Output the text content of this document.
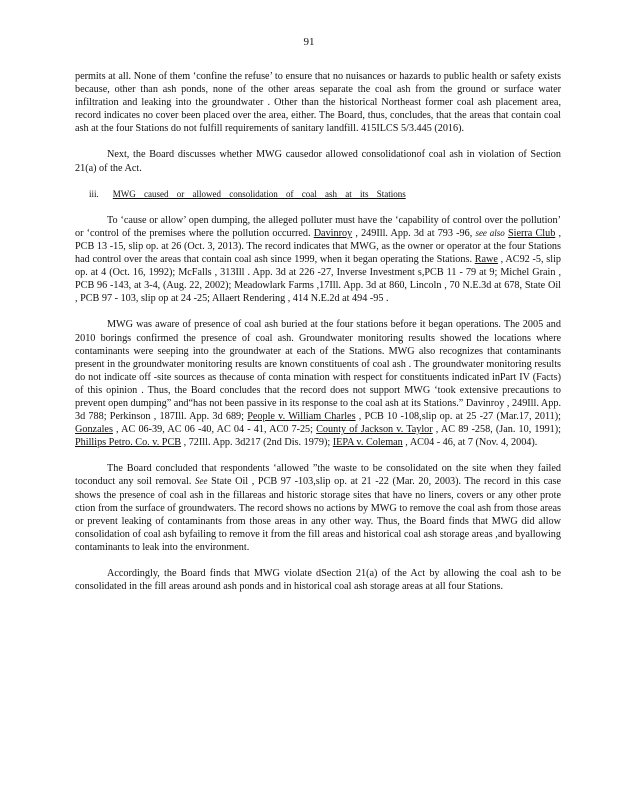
91

permits at all. None of them ‘confine the refuse’ to ensure that no nuisances or hazards to public health or safety exists because, other than ash ponds, none of the other areas separate the coal ash from the ground or surface water infiltration and leaking into the groundwater . Other than the historical Northeast former coal ash placement area, record indicates no cover been placed over the area, either. The Board, thus, concludes, that the areas that contain coal ash at the four Stations do not fulfill requirements of sanitary landfill. 415ILCS 5/3.445 (2016).

Next, the Board discusses whether MWG causedor allowed consolidationof coal ash in violation of Section 21(a) of the Act.

iii. MWG caused or allowed consolidation of coal ash at its Stations

To ‘cause or allow’ open dumping, the alleged polluter must have the ‘capability of control over the pollution’ or ‘control of the premises where the pollution occurred. Davinroy , 249Ill. App. 3d at 793 -96, see also Sierra Club , PCB 13 -15, slip op. at 26 (Oct. 3, 2013). The record indicates that MWG, as the owner or operator at the four Stations had control over the areas that contain coal ash since 1999, when it began operating the Stations. Rawe , AC92 -5, slip op. at 4 (Oct. 16, 1992); McFalls , 313Ill . App. 3d at 226 -27, Inverse Investment s,PCB 11 - 79 at 9; Michel Grain , PCB 96 -143, at 3-4, (Aug. 22, 2002); Meadowlark Farms ,17Ill. App. 3d at 860, Lincoln , 70 N.E.3d at 678, State Oil , PCB 97 - 103, slip op at 24 -25; Allaert Rendering , 414 N.E.2d at 494 -95 .

MWG was aware of presence of coal ash buried at the four stations before it began operations. The 2005 and 2010 borings confirmed the presence of coal ash. Groundwater monitoring results showed the locations where contaminants were seeping into the groundwater at each of the Stations. MWG also recognizes that contaminants present in the groundwater monitoring results are known constituents of coal ash . The groundwater monitoring results do not indicate off -site sources as thecause of conta mination with respect for constituents indicated inPart IV (Facts) of this opinion . Thus, the Board concludes that the record does not support MWG ‘took extensive precautions to prevent open dumping” and“has not been passive in its response to the coal ash at its Stations.” Davinroy , 249Ill. App. 3d 788; Perkinson , 187Ill. App. 3d 689; People v. William Charles , PCB 10 -108,slip op. at 25 -27 (Mar.17, 2011); Gonzales , AC 06-39, AC 06 -40, AC 04 - 41, AC0 7-25; County of Jackson v. Taylor , AC 89 -258, (Jan. 10, 1991); Phillips Petro. Co. v. PCB , 72Ill. App. 3d217 (2nd Dis. 1979); IEPA v. Coleman , AC04 - 46, at 7 (Nov. 4, 2004).

The Board concluded that respondents ‘allowed ”the waste to be consolidated on the site when they failed toconduct any soil removal. See State Oil , PCB 97 -103,slip op. at 21 -22 (Mar. 20, 2003). The record in this case shows the presence of coal ash in the fillareas and historic storage sites that have no liners, covers or any other prote ction from the surface of groundwaters. The record shows no actions by MWG to remove the coal ash from those areas or prevent leaking of contaminants from those areas in any other way. Thus, the Board finds that MWG did allow consolidation of coal ash byfailing to remove it from the fill areas and historical coal ash storage areas ,and byallowing contaminants to leak into the environment.

Accordingly, the Board finds that MWG violate dSection 21(a) of the Act by allowing the coal ash to be consolidated in the fill areas around ash ponds and in historical coal ash storage areas at all four Stations.
